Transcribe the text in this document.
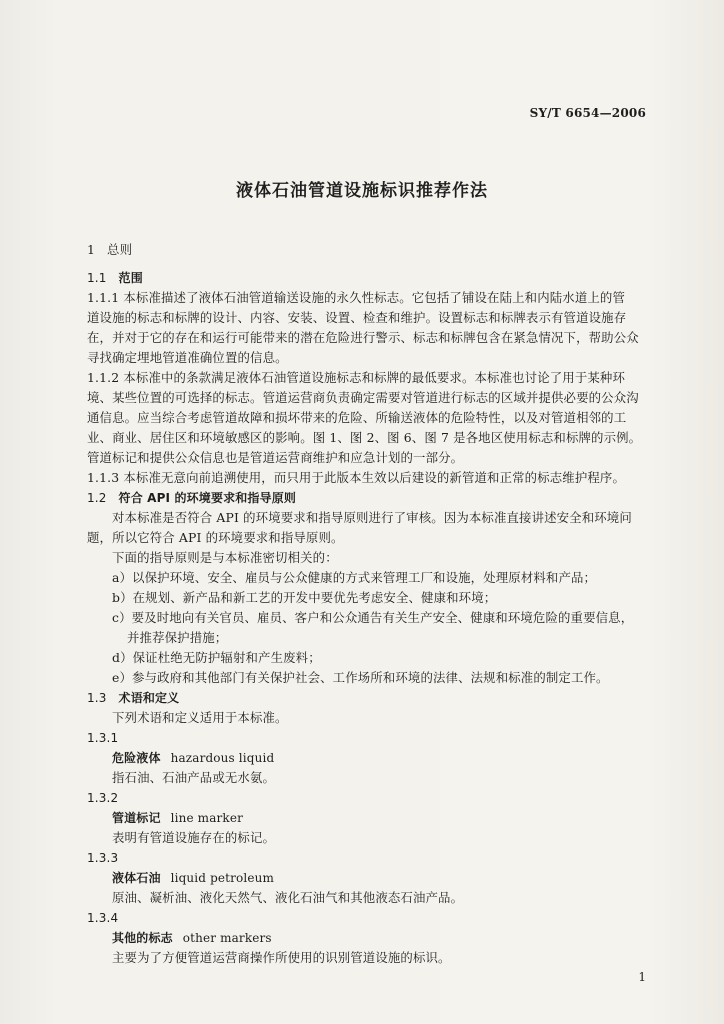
SY/T 6654—2006
液体石油管道设施标识推荐作法
1 总则
1.1 范围
1.1.1 本标准描述了液体石油管道输送设施的永久性标志。它包括了铺设在陆上和内陆水道上的管
道设施的标志和标牌的设计、内容、安装、设置、检查和维护。设置标志和标牌表示有管道设施存
在，并对于它的存在和运行可能带来的潜在危险进行警示、标志和标牌包含在紧急情况下，帮助公众
寻找确定埋地管道准确位置的信息。
1.1.2 本标准中的条款满足液体石油管道设施标志和标牌的最低要求。本标准也讨论了用于某种环
境、某些位置的可选择的标志。管道运营商负责确定需要对管道进行标志的区域并提供必要的公众沟
通信息。应当综合考虑管道故障和损坏带来的危险、所输送液体的危险特性，以及对管道相邻的工
业、商业、居住区和环境敏感区的影响。图 1、图 2、图 6、图 7 是各地区使用标志和标牌的示例。
管道标记和提供公众信息也是管道运营商维护和应急计划的一部分。
1.1.3 本标准无意向前追溯使用，而只用于此版本生效以后建设的新管道和正常的标志维护程序。
1.2 符合 API 的环境要求和指导原则
对本标准是否符合 API 的环境要求和指导原则进行了审核。因为本标准直接讲述安全和环境问
题，所以它符合 API 的环境要求和指导原则。
下面的指导原则是与本标准密切相关的：
a）以保护环境、安全、雇员与公众健康的方式来管理工厂和设施，处理原材料和产品；
b）在规划、新产品和新工艺的开发中要优先考虑安全、健康和环境；
c）要及时地向有关官员、雇员、客户和公众通告有关生产安全、健康和环境危险的重要信息，
并推荐保护措施；
d）保证杜绝无防护辐射和产生废料；
e）参与政府和其他部门有关保护社会、工作场所和环境的法律、法规和标准的制定工作。
1.3 术语和定义
下列术语和定义适用于本标准。
1.3.1
危险液体 hazardous liquid
指石油、石油产品或无水氨。
1.3.2
管道标记 line marker
表明有管道设施存在的标记。
1.3.3
液体石油 liquid petroleum
原油、凝析油、液化天然气、液化石油气和其他液态石油产品。
1.3.4
其他的标志 other markers
主要为了方便管道运营商操作所使用的识别管道设施的标识。
1
